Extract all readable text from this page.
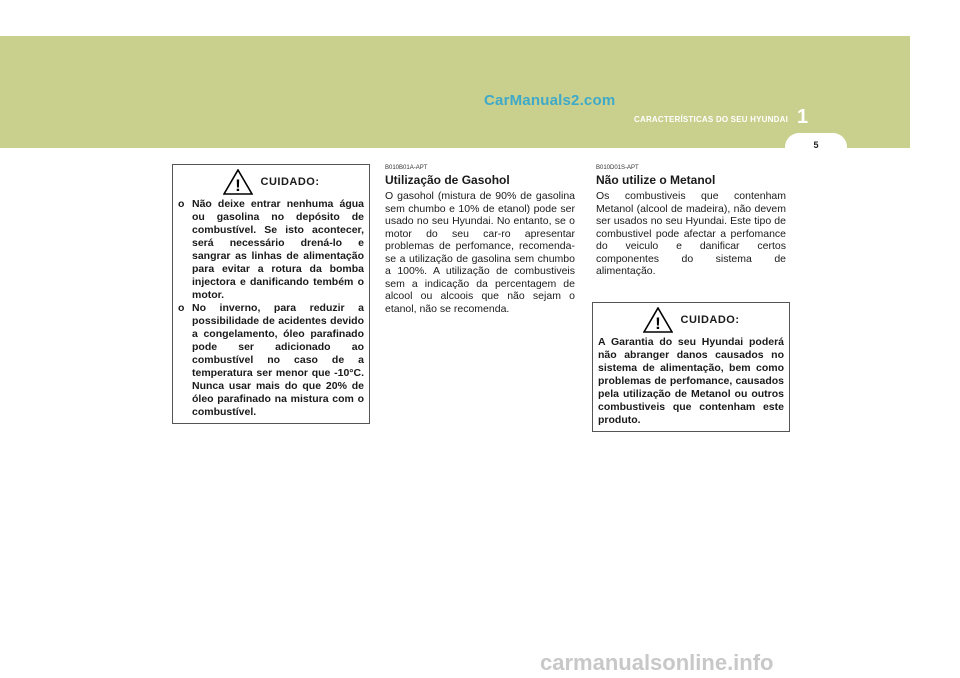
CarManuals2.com
CARACTERÍSTICAS DO SEU HYUNDAI 1
5
! CUIDADO:
o Não deixe entrar nenhuma água ou gasolina no depósito de combustível. Se isto acontecer, será necessário drená-lo e sangrar as linhas de alimentação para evitar a rotura da bomba injectora e danificando tembém o motor.
o No inverno, para reduzir a possibilidade de acidentes devido a congelamento, óleo parafinado pode ser adicionado ao combustível no caso de a temperatura ser menor que -10°C. Nunca usar mais do que 20% de óleo parafinado na mistura com o combustível.
B010B01A-APT
Utilização de Gasohol

O gasohol (mistura de 90% de gasolina sem chumbo e 10% de etanol) pode ser usado no seu Hyundai. No entanto, se o motor do seu car-ro apresentar problemas de perfomance, recomenda-se a utilização de gasolina sem chumbo a 100%. A utilização de combustiveis sem a indicação da percentagem de alcool ou alcoois que não sejam o etanol, não se recomenda.

B010D01S-APT
Não utilize o Metanol

Os combustiveis que contenham Metanol (alcool de madeira), não devem ser usados no seu Hyundai. Este tipo de combustivel pode afectar a perfomance do veiculo e danificar certos componentes do sistema de alimentação.

! CUIDADO:
A Garantia do seu Hyundai poderá não abranger danos causados no sistema de alimentação, bem como problemas de perfomance, causados pela utilização de Metanol ou outros combustiveis que contenham este produto.
carmanualsonline.info
